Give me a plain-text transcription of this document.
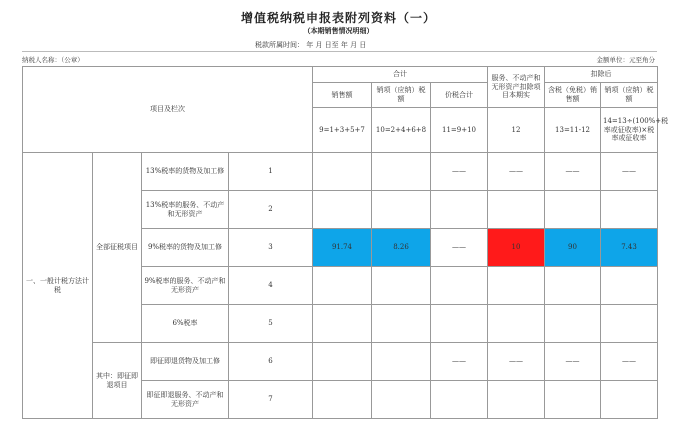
增值税纳税申报表附列资料（一）
（本期销售情况明细）
税款所属时间： 年 月 日至 年 月 日
纳税人名称：（公章）	金额单位：元至角分
项目及栏次				合计			服务、不动产和无形资产扣除项目本期实	扣除后	
				销售额	销项（应纳）税额	价税合计		含税（免税）销售额	销项（应纳）税额
				9=1+3+5+7	10=2+4+6+8	11=9+10	12	13=11-12	14=13÷(100%+税率或征收率)×税率或征收率
一、一般计税方法计税	全部征税项目	13%税率的货物及加工修	1			——	——	——	——
		13%税率的服务、不动产和无形资产	2						
		9%税率的货物及加工修	3	91.74	8.26	——	10	90	7.43
		9%税率的服务、不动产和无形资产	4						
		6%税率	5						
	其中：即征即退项目	即征即退货物及加工修	6			——	——	——	——
		即征即退服务、不动产和无形资产	7						
